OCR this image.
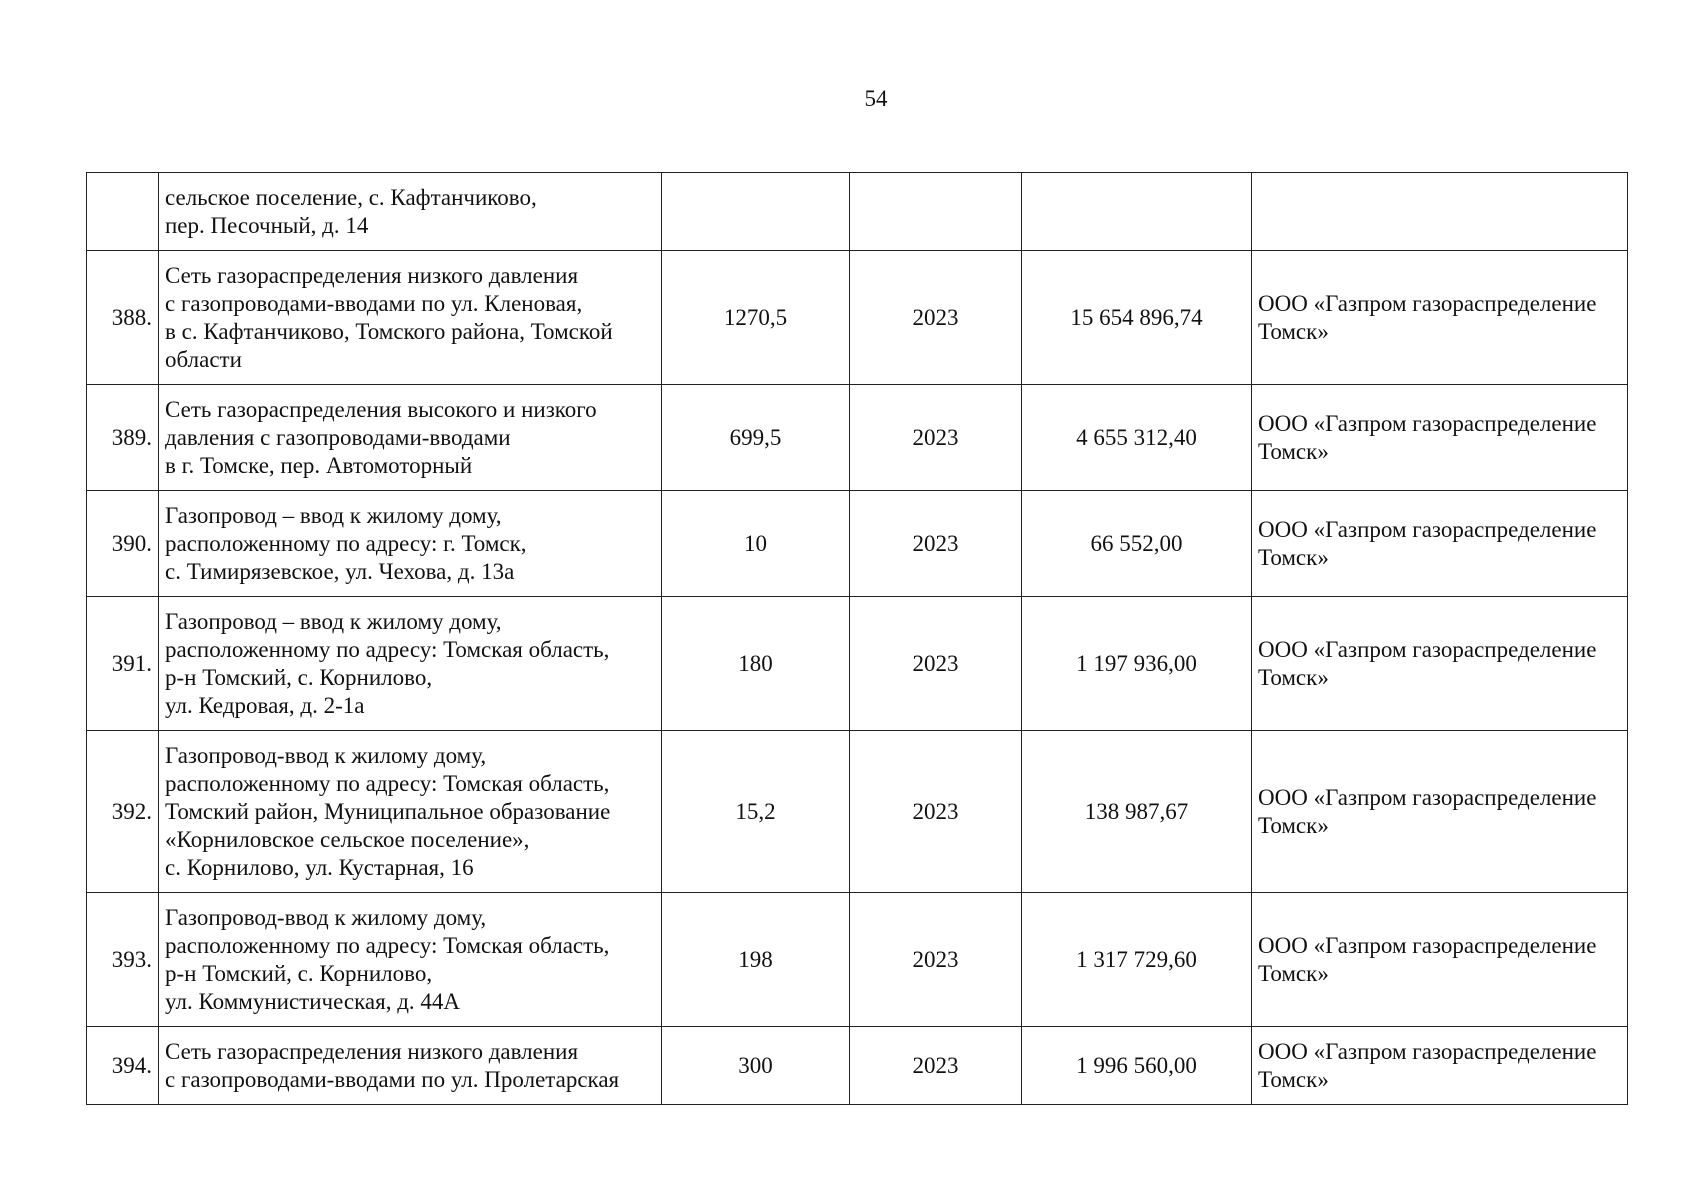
54

	сельское поселение, с. Кафтанчиково,
пер. Песочный, д. 14				

388.	Сеть газораспределения низкого давления
с газопроводами-вводами по ул. Кленовая,
в с. Кафтанчиково, Томского района, Томской
области	1270,5	2023	15 654 896,74	ООО «Газпром газораспределение
Томск»

389.	Сеть газораспределения высокого и низкого
давления с газопроводами-вводами
в г. Томске, пер. Автомоторный	699,5	2023	4 655 312,40	ООО «Газпром газораспределение
Томск»

390.	Газопровод – ввод к жилому дому,
расположенному по адресу: г. Томск,
с. Тимирязевское, ул. Чехова, д. 13а	10	2023	66 552,00	ООО «Газпром газораспределение
Томск»

391.	Газопровод – ввод к жилому дому,
расположенному по адресу: Томская область,
р-н Томский, с. Корнилово,
ул. Кедровая, д. 2-1а	180	2023	1 197 936,00	ООО «Газпром газораспределение
Томск»

392.	Газопровод-ввод к жилому дому,
расположенному по адресу: Томская область,
Томский район, Муниципальное образование
«Корниловское сельское поселение»,
с. Корнилово, ул. Кустарная, 16	15,2	2023	138 987,67	ООО «Газпром газораспределение
Томск»

393.	Газопровод-ввод к жилому дому,
расположенному по адресу: Томская область,
р-н Томский, с. Корнилово,
ул. Коммунистическая, д. 44А	198	2023	1 317 729,60	ООО «Газпром газораспределение
Томск»

394.	Сеть газораспределения низкого давления
с газопроводами-вводами по ул. Пролетарская	300	2023	1 996 560,00	ООО «Газпром газораспределение
Томск»
